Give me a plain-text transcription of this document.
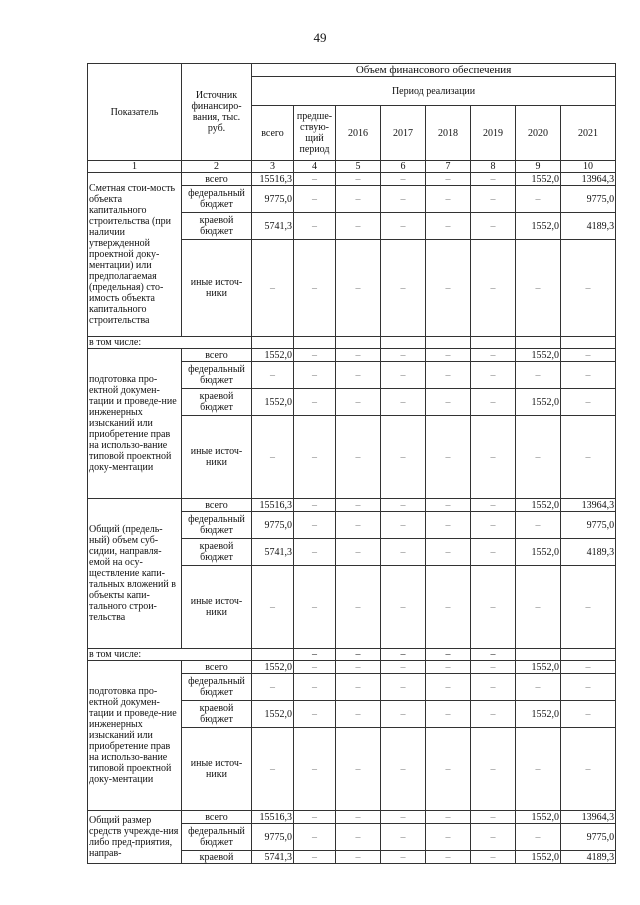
49
Показатель	Источник финансиро-вания, тыс. руб.	Объем финансового обеспечения							
		Период реализации							
		всего	предше-ствую-щий период	2016	2017	2018	2019	2020	2021
1	2	3	4	5	6	7	8	9	10
Сметная стои-мость объекта капитального строительства (при наличии утвержденной проектной доку-ментации) или предполагаемая (предельная) сто-имость объекта капитального строительства	всего	15516,3	–	–	–	–	–	1552,0	13964,3
	федеральный бюджет	9775,0	–	–	–	–	–	–	9775,0
	краевой бюджет	5741,3	–	–	–	–	–	1552,0	4189,3
	иные источ-ники	–	–	–	–	–	–	–	–
в том числе:									
подготовка про-ектной докумен-тации и проведе-ние инженерных изысканий или приобретение прав на использо-вание типовой проектной доку-ментации	всего	1552,0	–	–	–	–	–	1552,0	–
	федеральный бюджет	–	–	–	–	–	–	–	–
	краевой бюджет	1552,0	–	–	–	–	–	1552,0	–
	иные источ-ники	–	–	–	–	–	–	–	–
Общий (предель-ный) объем суб-сидии, направля-емой на осу-ществление капи-тальных вложений в объекты капи-тального строи-тельства	всего	15516,3	–	–	–	–	–	1552,0	13964,3
	федеральный бюджет	9775,0	–	–	–	–	–	–	9775,0
	краевой бюджет	5741,3	–	–	–	–	–	1552,0	4189,3
	иные источ-ники	–	–	–	–	–	–	–	–
в том числе:			–	–	–	–	–		
подготовка про-ектной докумен-тации и проведе-ние инженерных изысканий или приобретение прав на использо-вание типовой проектной доку-ментации	всего	1552,0	–	–	–	–	–	1552,0	–
	федеральный бюджет	–	–	–	–	–	–	–	–
	краевой бюджет	1552,0	–	–	–	–	–	1552,0	–
	иные источ-ники	–	–	–	–	–	–	–	–
Общий размер средств учрежде-ния либо пред-приятия, направ-	всего	15516,3	–	–	–	–	–	1552,0	13964,3
	федеральный бюджет	9775,0	–	–	–	–	–	–	9775,0
	краевой	5741,3	–	–	–	–	–	1552,0	4189,3
